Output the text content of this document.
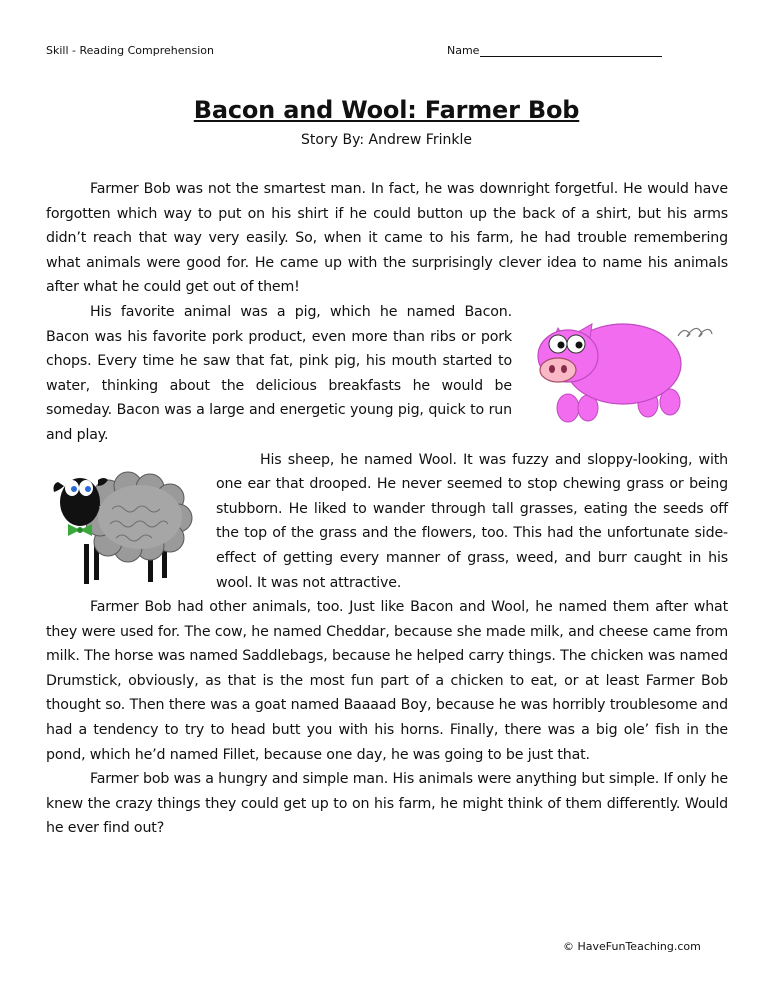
Skill - Reading Comprehension	Name
Bacon and Wool: Farmer Bob
Story By: Andrew Frinkle

Farmer Bob was not the smartest man. In fact, he was downright forgetful. He would have forgotten which way to put on his shirt if he could button up the back of a shirt, but his arms didn’t reach that way very easily. So, when it came to his farm, he had trouble remembering what animals were good for. He came up with the surprisingly clever idea to name his animals after what he could get out of them!

His favorite animal was a pig, which he named Bacon. Bacon was his favorite pork product, even more than ribs or pork chops. Every time he saw that fat, pink pig, his mouth started to water, thinking about the delicious breakfasts he would be someday. Bacon was a large and energetic young pig, quick to run and play.

His sheep, he named Wool. It was fuzzy and sloppy-looking, with one ear that drooped. He never seemed to stop chewing grass or being stubborn. He liked to wander through tall grasses, eating the seeds off the top of the grass and the flowers, too. This had the unfortunate side-effect of getting every manner of grass, weed, and burr caught in his wool. It was not attractive.

Farmer Bob had other animals, too. Just like Bacon and Wool, he named them after what they were used for. The cow, he named Cheddar, because she made milk, and cheese came from milk. The horse was named Saddlebags, because he helped carry things. The chicken was named Drumstick, obviously, as that is the most fun part of a chicken to eat, or at least Farmer Bob thought so. Then there was a goat named Baaaad Boy, because he was horribly troublesome and had a tendency to try to head butt you with his horns. Finally, there was a big ole’ fish in the pond, which he’d named Fillet, because one day, he was going to be just that.

Farmer bob was a hungry and simple man. His animals were anything but simple. If only he knew the crazy things they could get up to on his farm, he might think of them differently. Would he ever find out?

© HaveFunTeaching.com
